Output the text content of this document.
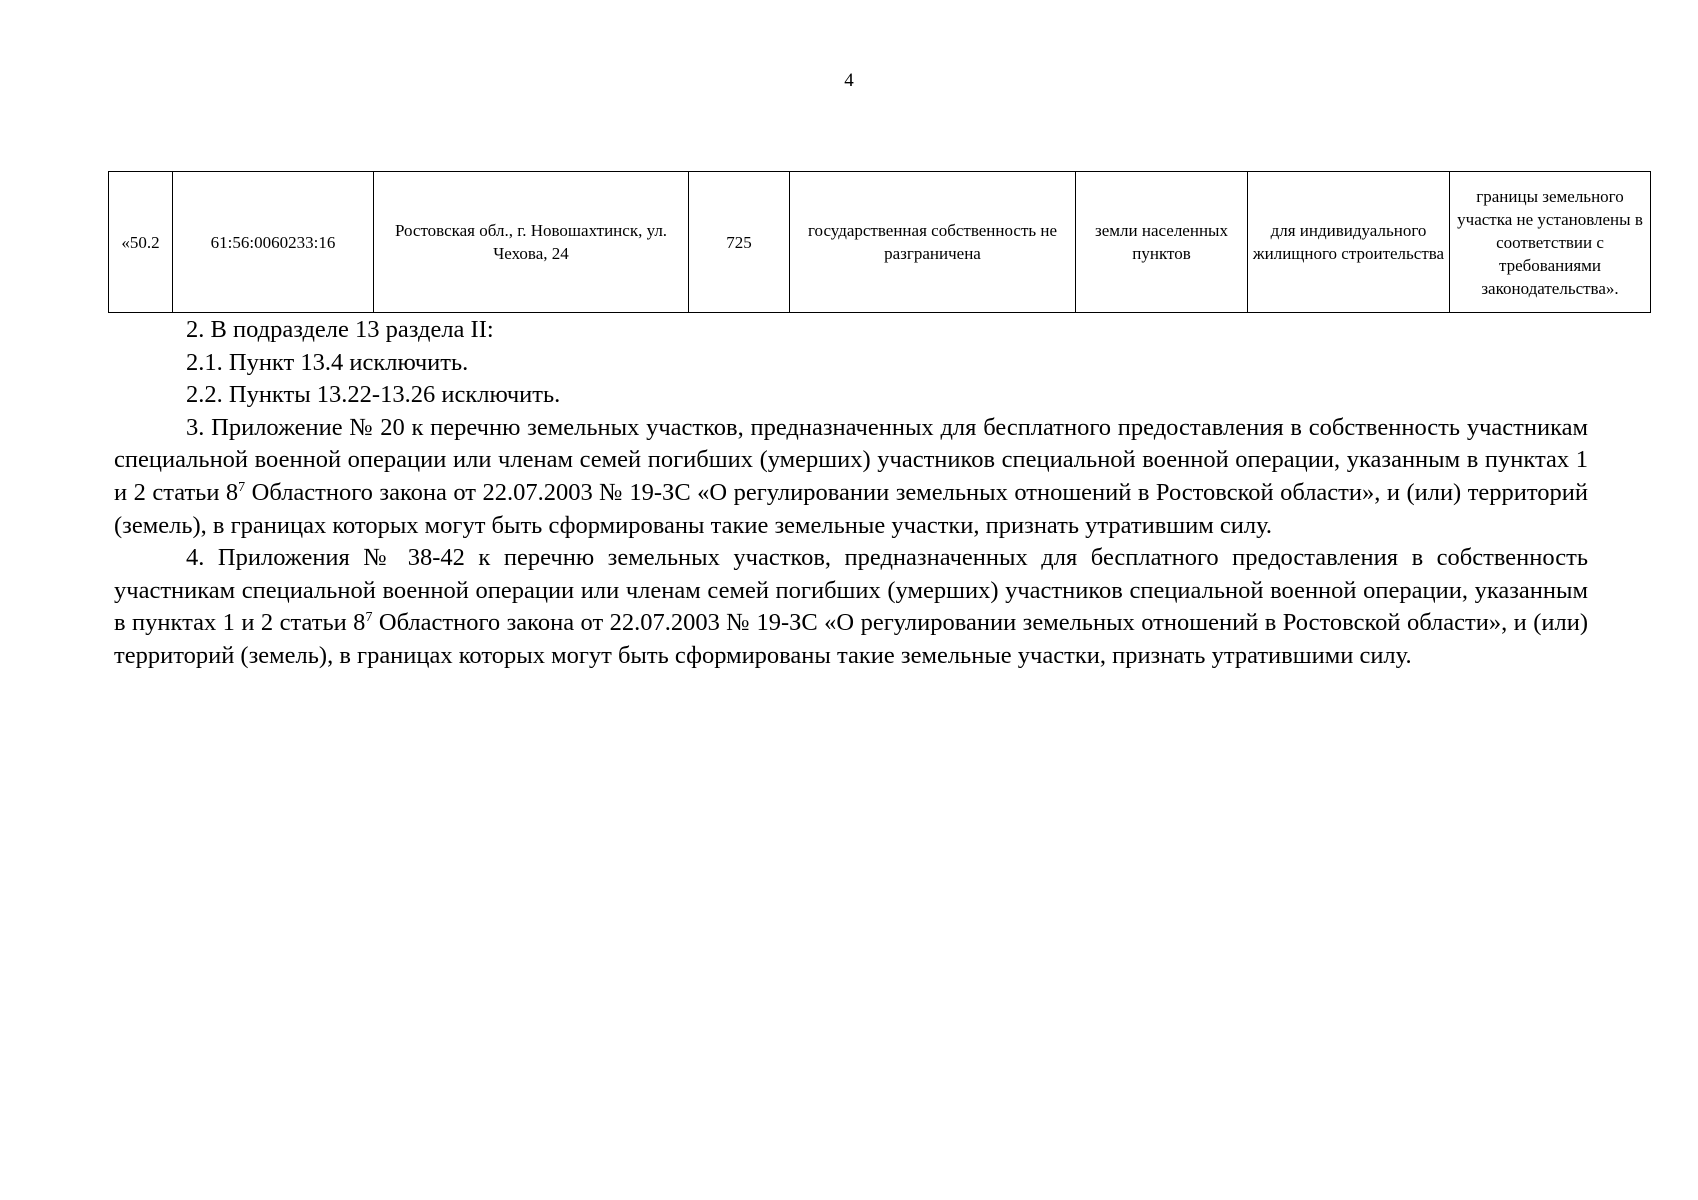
4
«50.2	61:56:0060233:16	Ростовская обл., г. Новошахтинск, ул. Чехова, 24	725	государственная собственность не разграничена	земли населенных пунктов	для индивидуального жилищного строительства	границы земельного участка не установлены в соответствии с требованиями законодательства».

2. В подразделе 13 раздела II:

2.1. Пункт 13.4 исключить.

2.2. Пункты 13.22-13.26 исключить.

3. Приложение № 20 к перечню земельных участков, предназначенных для бесплатного предоставления в собственность участникам специальной военной операции или членам семей погибших (умерших) участников специальной военной операции, указанным в пунктах 1 и 2 статьи $8^7$ Областного закона от 22.07.2003 № 19-ЗС «О регулировании земельных отношений в Ростовской области», и (или) территорий (земель), в границах которых могут быть сформированы такие земельные участки, признать утратившим силу.

4. Приложения № 38-42 к перечню земельных участков, предназначенных для бесплатного предоставления в собственность участникам специальной военной операции или членам семей погибших (умерших) участников специальной военной операции, указанным в пунктах 1 и 2 статьи $8^7$ Областного закона от 22.07.2003 № 19-ЗС «О регулировании земельных отношений в Ростовской области», и (или) территорий (земель), в границах которых могут быть сформированы такие земельные участки, признать утратившими силу.
